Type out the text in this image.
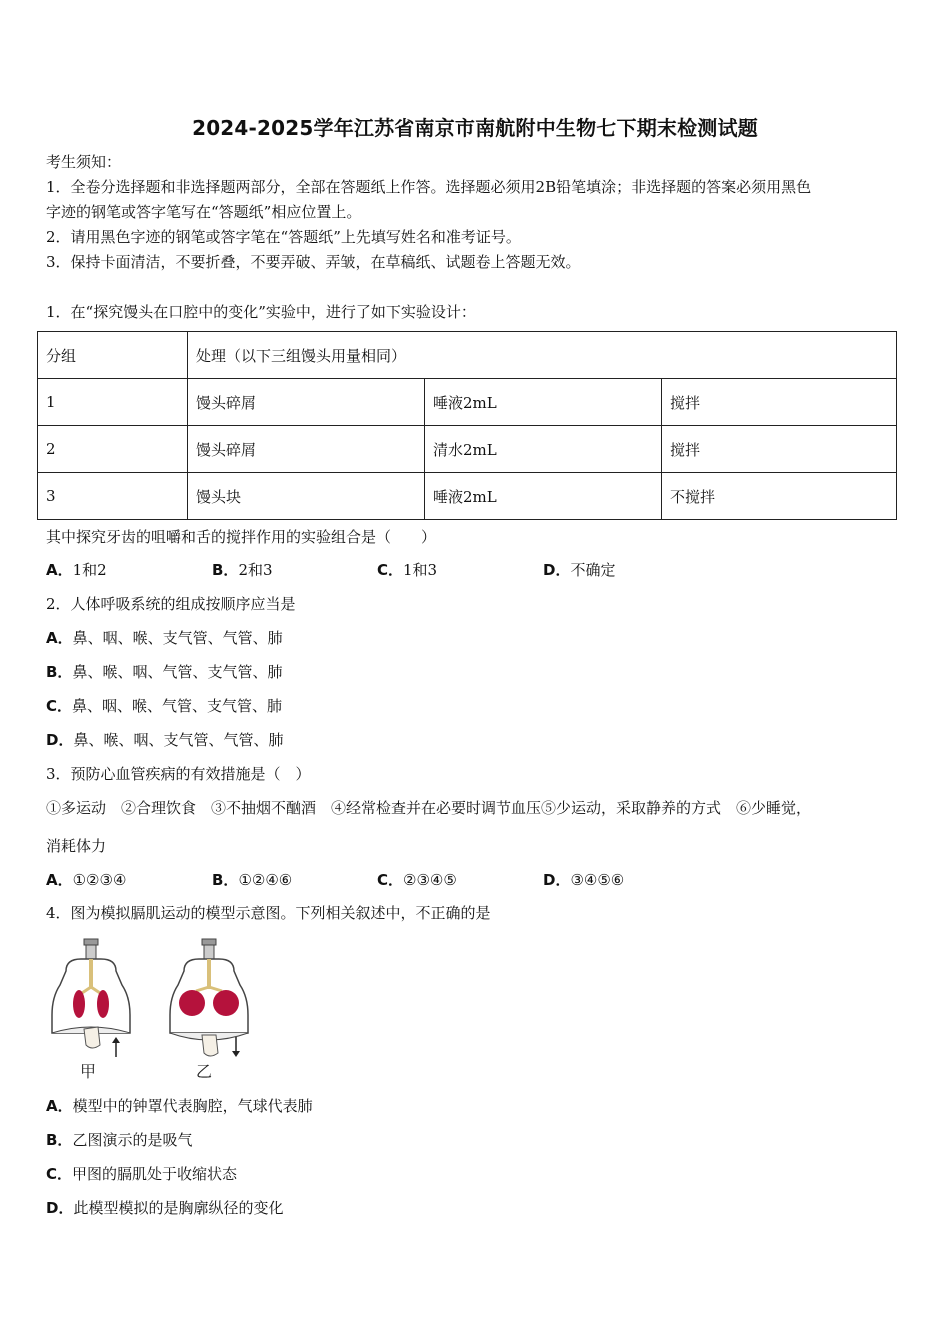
2024-2025学年江苏省南京市南航附中生物七下期末检测试题
考生须知：
1．全卷分选择题和非选择题两部分，全部在答题纸上作答。选择题必须用2B铅笔填涂；非选择题的答案必须用黑色
字迹的钢笔或答字笔写在“答题纸”相应位置上。
2．请用黑色字迹的钢笔或答字笔在“答题纸”上先填写姓名和准考证号。
3．保持卡面清洁，不要折叠，不要弄破、弄皱，在草稿纸、试题卷上答题无效。
1．在“探究馒头在口腔中的变化”实验中，进行了如下实验设计：
分组	处理（以下三组馒头用量相同）		
1	馒头碎屑	唾液2mL	搅拌
2	馒头碎屑	清水2mL	搅拌
3	馒头块	唾液2mL	不搅拌
其中探究牙齿的咀嚼和舌的搅拌作用的实验组合是（　　）
A．1和2	B．2和3	C．1和3	D．不确定
2．人体呼吸系统的组成按顺序应当是
A．鼻、咽、喉、支气管、气管、肺
B．鼻、喉、咽、气管、支气管、肺
C．鼻、咽、喉、气管、支气管、肺
D．鼻、喉、咽、支气管、气管、肺
3．预防心血管疾病的有效措施是（　）
①多运动　②合理饮食　③不抽烟不酗酒　④经常检查并在必要时调节血压⑤少运动，采取静养的方式　⑥少睡觉，
消耗体力
A．①②③④	B．①②④⑥	C．②③④⑤	D．③④⑤⑥
4．图为模拟膈肌运动的模型示意图。下列相关叙述中，不正确的是
甲	乙
A．模型中的钟罩代表胸腔，气球代表肺
B．乙图演示的是吸气
C．甲图的膈肌处于收缩状态
D．此模型模拟的是胸廓纵径的变化
